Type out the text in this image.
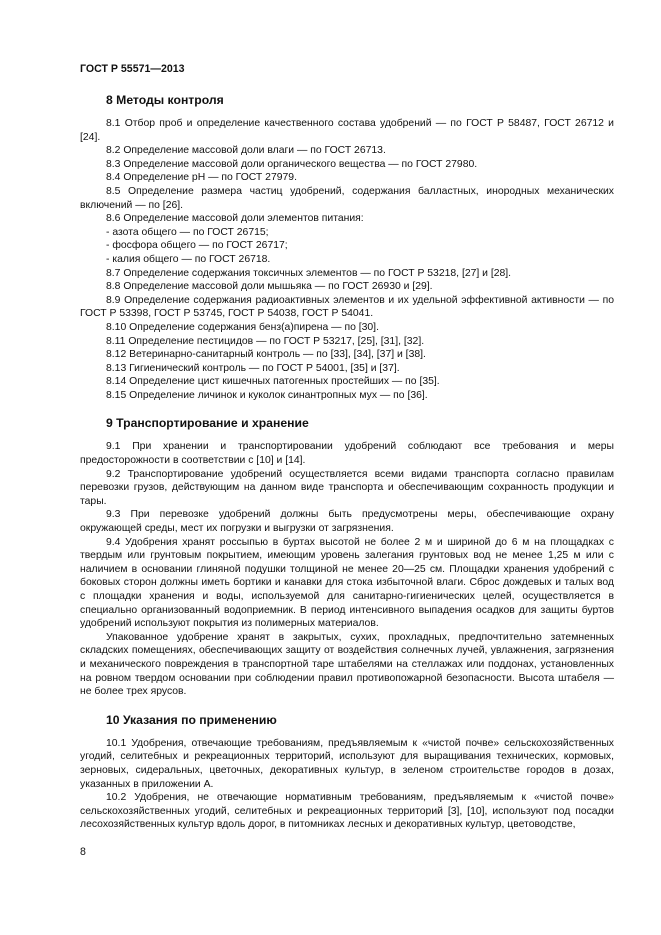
ГОСТ Р 55571—2013
8 Методы контроля

8.1 Отбор проб и определение качественного состава удобрений — по ГОСТ Р 58487, ГОСТ 26712 и [24].

8.2 Определение массовой доли влаги — по ГОСТ 26713.

8.3 Определение массовой доли органического вещества — по ГОСТ 27980.

8.4 Определение pH — по ГОСТ 27979.

8.5 Определение размера частиц удобрений, содержания балластных, инородных механических включений — по [26].

8.6 Определение массовой доли элементов питания:

- азота общего — по ГОСТ 26715;

- фосфора общего — по ГОСТ 26717;

- калия общего — по ГОСТ 26718.

8.7 Определение содержания токсичных элементов — по ГОСТ Р 53218, [27] и [28].

8.8 Определение массовой доли мышьяка — по ГОСТ 26930 и [29].

8.9 Определение содержания радиоактивных элементов и их удельной эффективной активности — по ГОСТ Р 53398, ГОСТ Р 53745, ГОСТ Р 54038, ГОСТ Р 54041.

8.10 Определение содержания бенз(а)пирена — по [30].

8.11 Определение пестицидов — по ГОСТ Р 53217, [25], [31], [32].

8.12 Ветеринарно-санитарный контроль — по [33], [34], [37] и [38].

8.13 Гигиенический контроль — по ГОСТ Р 54001, [35] и [37].

8.14 Определение цист кишечных патогенных простейших — по [35].

8.15 Определение личинок и куколок синантропных мух — по [36].

9 Транспортирование и хранение

9.1 При хранении и транспортировании удобрений соблюдают все требования и меры предосторожности в соответствии с [10] и [14].

9.2 Транспортирование удобрений осуществляется всеми видами транспорта согласно правилам перевозки грузов, действующим на данном виде транспорта и обеспечивающим сохранность продукции и тары.

9.3 При перевозке удобрений должны быть предусмотрены меры, обеспечивающие охрану окружающей среды, мест их погрузки и выгрузки от загрязнения.

9.4 Удобрения хранят россыпью в буртах высотой не более 2 м и шириной до 6 м на площадках с твердым или грунтовым покрытием, имеющим уровень залегания грунтовых вод не менее 1,25 м или с наличием в основании глиняной подушки толщиной не менее 20—25 см. Площадки хранения удобрений с боковых сторон должны иметь бортики и канавки для стока избыточной влаги. Сброс дождевых и талых вод с площадки хранения и воды, используемой для санитарно-гигиенических целей, осуществляется в специально организованный водоприемник. В период интенсивного выпадения осадков для защиты буртов удобрений используют покрытия из полимерных материалов.

Упакованное удобрение хранят в закрытых, сухих, прохладных, предпочтительно затемненных складских помещениях, обеспечивающих защиту от воздействия солнечных лучей, увлажнения, загрязнения и механического повреждения в транспортной таре штабелями на стеллажах или поддонах, установленных на ровном твердом основании при соблюдении правил противопожарной безопасности. Высота штабеля — не более трех ярусов.

10 Указания по применению

10.1 Удобрения, отвечающие требованиям, предъявляемым к «чистой почве» сельскохозяйственных угодий, селитебных и рекреационных территорий, используют для выращивания технических, кормовых, зерновых, сидеральных, цветочных, декоративных культур, в зеленом строительстве городов в дозах, указанных в приложении А.

10.2 Удобрения, не отвечающие нормативным требованиям, предъявляемым к «чистой почве» сельскохозяйственных угодий, селитебных и рекреационных территорий [3], [10], используют под посадки лесохозяйственных культур вдоль дорог, в питомниках лесных и декоративных культур, цветоводстве,

8
